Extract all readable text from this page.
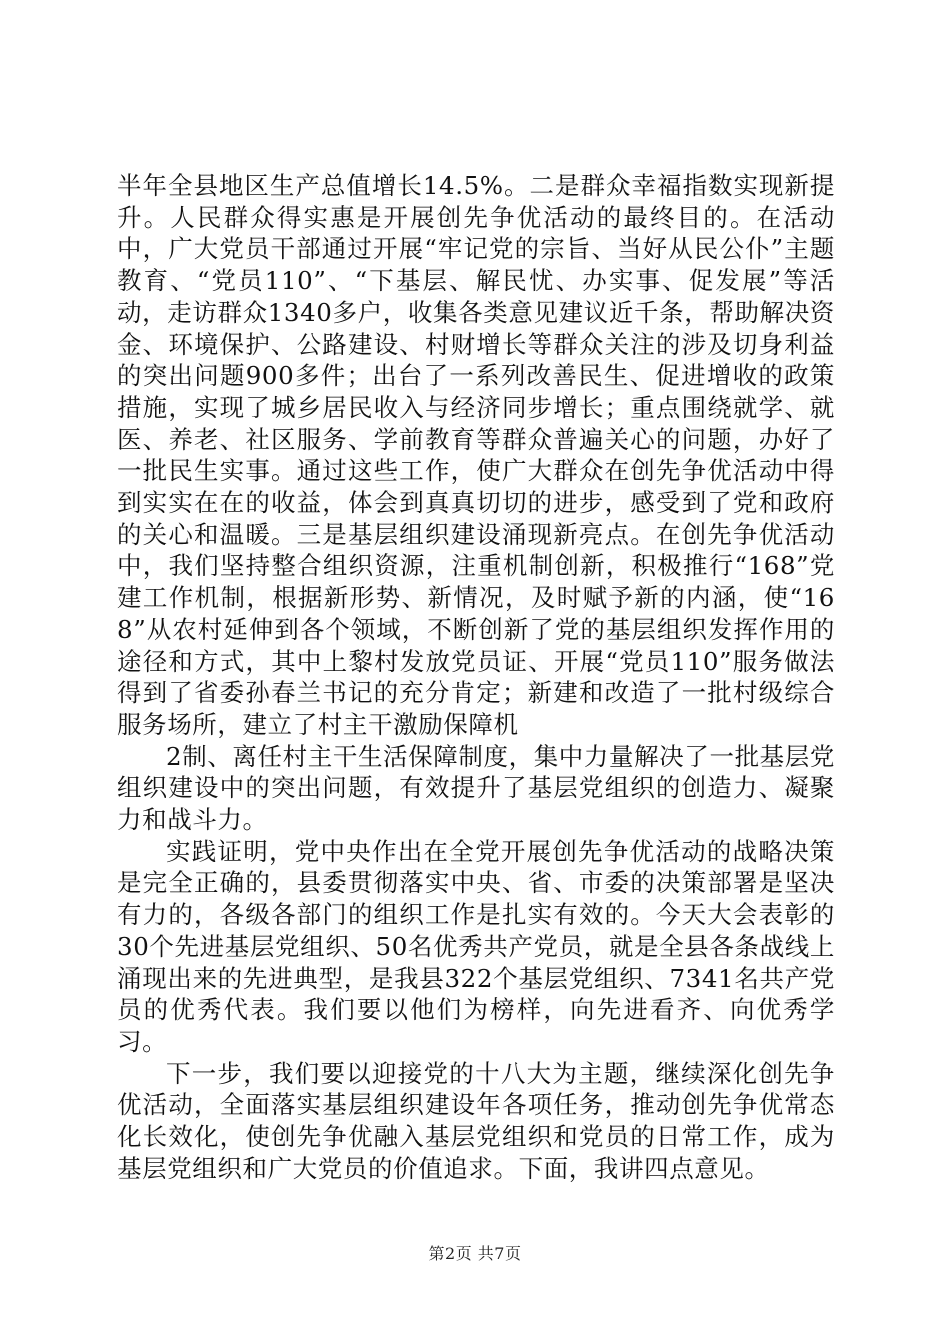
半年全县地区生产总值增长14.5%。二是群众幸福指数实现新提升。人民群众得实惠是开展创先争优活动的最终目的。在活动中，广大党员干部通过开展“牢记党的宗旨、当好从民公仆”主题教育、“党员110”、“下基层、解民忧、办实事、促发展”等活动，走访群众1340多户，收集各类意见建议近千条，帮助解决资金、环境保护、公路建设、村财增长等群众关注的涉及切身利益的突出问题900多件；出台了一系列改善民生、促进增收的政策措施，实现了城乡居民收入与经济同步增长；重点围绕就学、就医、养老、社区服务、学前教育等群众普遍关心的问题，办好了一批民生实事。通过这些工作，使广大群众在创先争优活动中得到实实在在的收益，体会到真真切切的进步，感受到了党和政府的关心和温暖。三是基层组织建设涌现新亮点。在创先争优活动中，我们坚持整合组织资源，注重机制创新，积极推行“168”党建工作机制，根据新形势、新情况，及时赋予新的内涵，使“168”从农村延伸到各个领域，不断创新了党的基层组织发挥作用的途径和方式，其中上黎村发放党员证、开展“党员110”服务做法得到了省委孙春兰书记的充分肯定；新建和改造了一批村级综合服务场所，建立了村主干激励保障机

2制、离任村主干生活保障制度，集中力量解决了一批基层党组织建设中的突出问题，有效提升了基层党组织的创造力、凝聚力和战斗力。

实践证明，党中央作出在全党开展创先争优活动的战略决策是完全正确的，县委贯彻落实中央、省、市委的决策部署是坚决有力的，各级各部门的组织工作是扎实有效的。今天大会表彰的30个先进基层党组织、50名优秀共产党员，就是全县各条战线上涌现出来的先进典型，是我县322个基层党组织、7341名共产党员的优秀代表。我们要以他们为榜样，向先进看齐、向优秀学习。

下一步，我们要以迎接党的十八大为主题，继续深化创先争优活动，全面落实基层组织建设年各项任务，推动创先争优常态化长效化，使创先争优融入基层党组织和党员的日常工作，成为基层党组织和广大党员的价值追求。下面，我讲四点意见。

第2页 共7页
